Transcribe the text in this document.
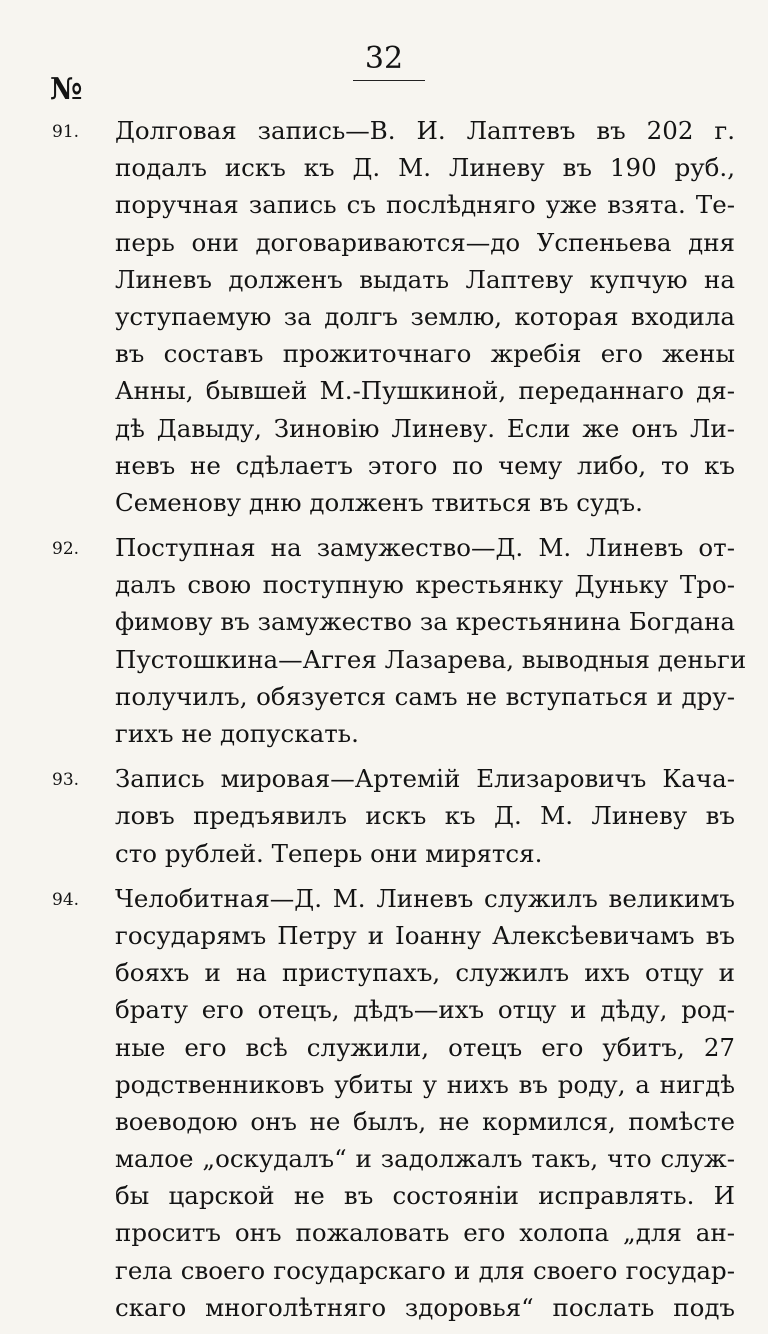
32
№
91. Долговая запись—В. И. Лаптевъ въ 202 г.
подалъ искъ къ Д. М. Линеву въ 190 руб.,
поручная запись съ послѣдняго уже взята. Те-
перь они договариваются—до Успеньева дня
Линевъ долженъ выдать Лаптеву купчую на
уступаемую за долгъ землю, которая входила
въ составъ прожиточнаго жребія его жены
Анны, бывшей М.-Пушкиной, переданнаго дя-
дѣ Давыду, Зиновію Линеву. Если же онъ Ли-
невъ не сдѣлаетъ этого по чему либо, то къ
Семенову дню долженъ твиться въ судъ.
92. Поступная на замужество—Д. М. Линевъ от-
далъ свою поступную крестьянку Дуньку Тро-
фимову въ замужество за крестьянина Богдана
Пустошкина—Аггея Лазарева, выводныя деньги
получилъ, обязуется самъ не вступаться и дру-
гихъ не допускать.
93. Запись мировая—Артемій Елизаровичъ Кача-
ловъ предъявилъ искъ къ Д. М. Линеву въ
сто рублей. Теперь они мирятся.
94. Челобитная—Д. М. Линевъ служилъ великимъ
государямъ Петру и Іоанну Алексѣевичамъ въ
бояхъ и на приступахъ, служилъ ихъ отцу и
брату его отецъ, дѣдъ—ихъ отцу и дѣду, род-
ные его всѣ служили, отецъ его убитъ, 27
родственниковъ убиты у нихъ въ роду, а нигдѣ
воеводою онъ не былъ, не кормился, помѣсте
малое „оскудалъ“ и задолжалъ такъ, что служ-
бы царской не въ состояніи исправлять. И
проситъ онъ пожаловать его холопа „для ан-
гела своего государскаго и для своего государ-
скаго многолѣтняго здоровья“ послать подъ
